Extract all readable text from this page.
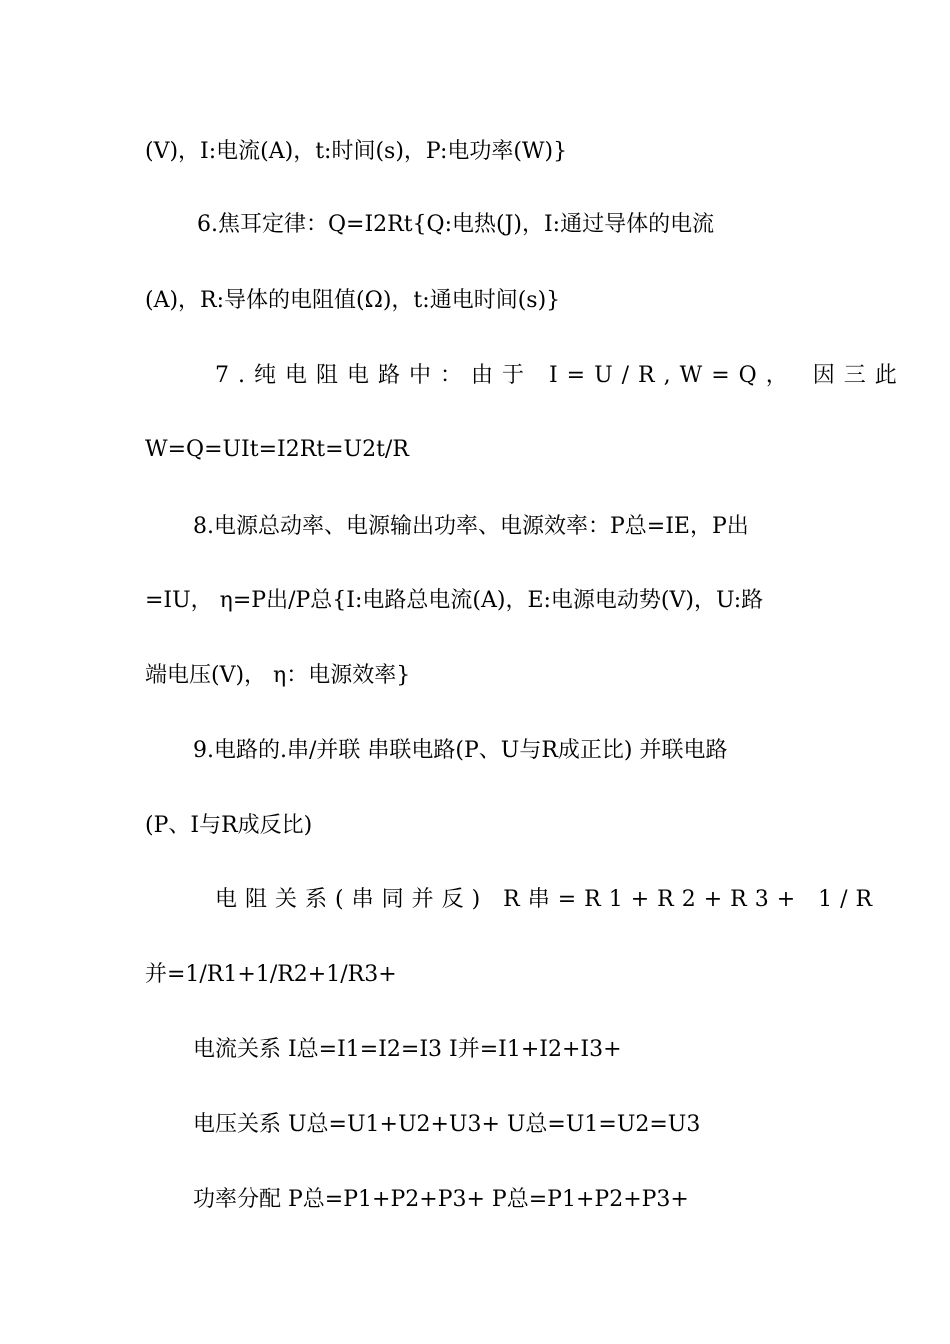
(V)，I:电流(A)，t:时间(s)，P:电功率(W)}
6.焦耳定律：Q=I2Rt{Q:电热(J)，I:通过导体的电流
(A)，R:导体的电阻值(Ω)，t:通电时间(s)}
7.纯电阻电路中：由于 I=U/R,W=Q， 因三此
W=Q=UIt=I2Rt=U2t/R
8.电源总动率、电源输出功率、电源效率：P总=IE，P出
=IU， η=P出/P总{I:电路总电流(A)，E:电源电动势(V)，U:路
端电压(V)， η：电源效率}
9.电路的.串/并联 串联电路(P、U与R成正比) 并联电路
(P、I与R成反比)
电阻关系(串同并反) R串=R1+R2+R3+ 1/R
并=1/R1+1/R2+1/R3+
电流关系 I总=I1=I2=I3 I并=I1+I2+I3+
电压关系 U总=U1+U2+U3+ U总=U1=U2=U3
功率分配 P总=P1+P2+P3+ P总=P1+P2+P3+
